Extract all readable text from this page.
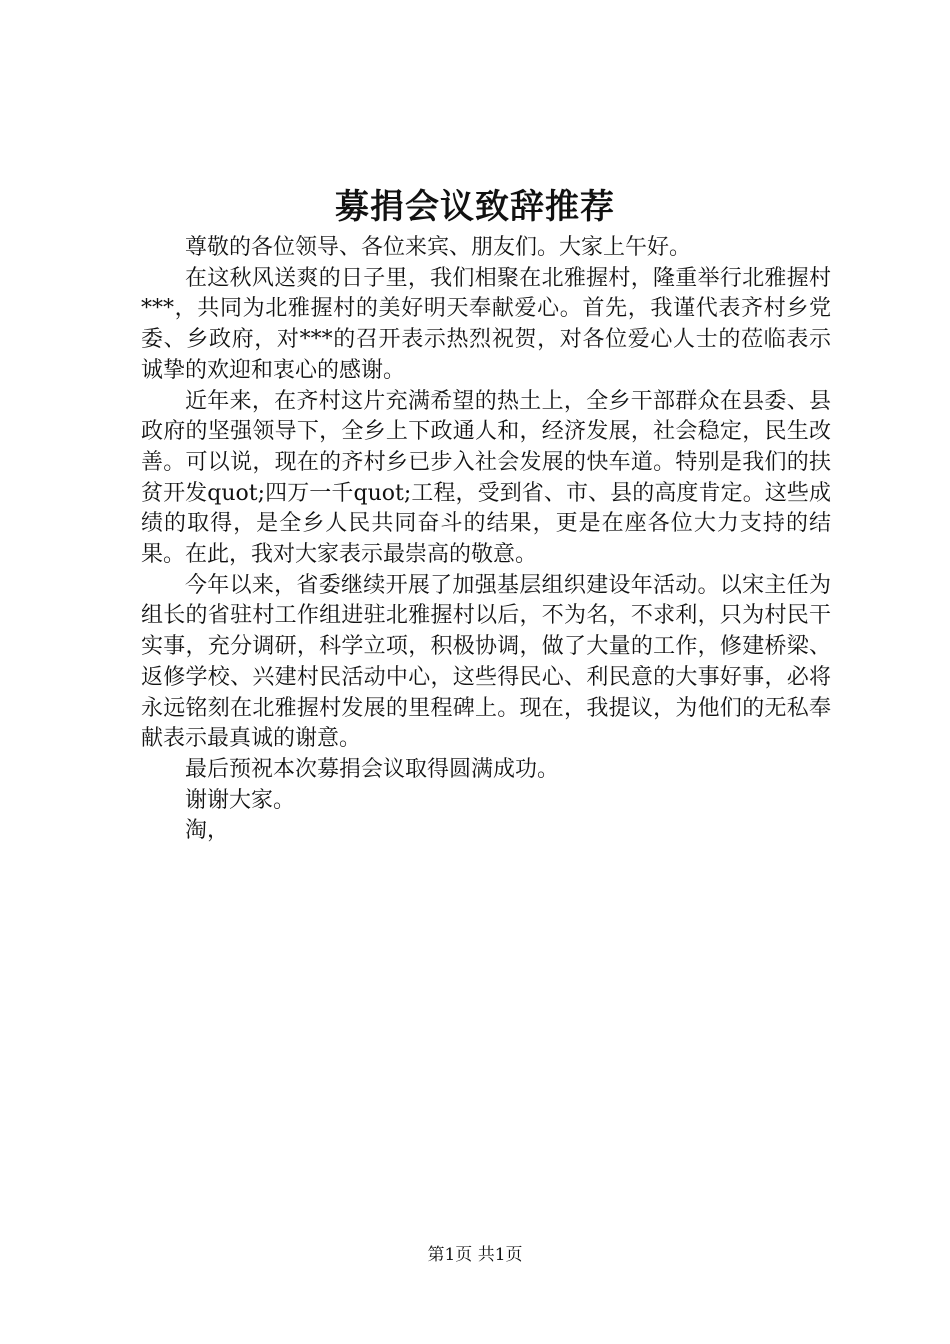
募捐会议致辞推荐

尊敬的各位领导、各位来宾、朋友们。大家上午好。

在这秋风送爽的日子里，我们相聚在北雅握村，隆重举行北雅握村***，共同为北雅握村的美好明天奉献爱心。首先，我谨代表齐村乡党委、乡政府，对***的召开表示热烈祝贺，对各位爱心人士的莅临表示诚挚的欢迎和衷心的感谢。

近年来，在齐村这片充满希望的热土上，全乡干部群众在县委、县政府的坚强领导下，全乡上下政通人和，经济发展，社会稳定，民生改善。可以说，现在的齐村乡已步入社会发展的快车道。特别是我们的扶贫开发quot;四万一千quot;工程，受到省、市、县的高度肯定。这些成绩的取得，是全乡人民共同奋斗的结果，更是在座各位大力支持的结果。在此，我对大家表示最崇高的敬意。

今年以来，省委继续开展了加强基层组织建设年活动。以宋主任为组长的省驻村工作组进驻北雅握村以后，不为名，不求利，只为村民干实事，充分调研，科学立项，积极协调，做了大量的工作，修建桥梁、返修学校、兴建村民活动中心，这些得民心、利民意的大事好事，必将永远铭刻在北雅握村发展的里程碑上。现在，我提议，为他们的无私奉献表示最真诚的谢意。

最后预祝本次募捐会议取得圆满成功。

谢谢大家。

淘，

第1页 共1页
